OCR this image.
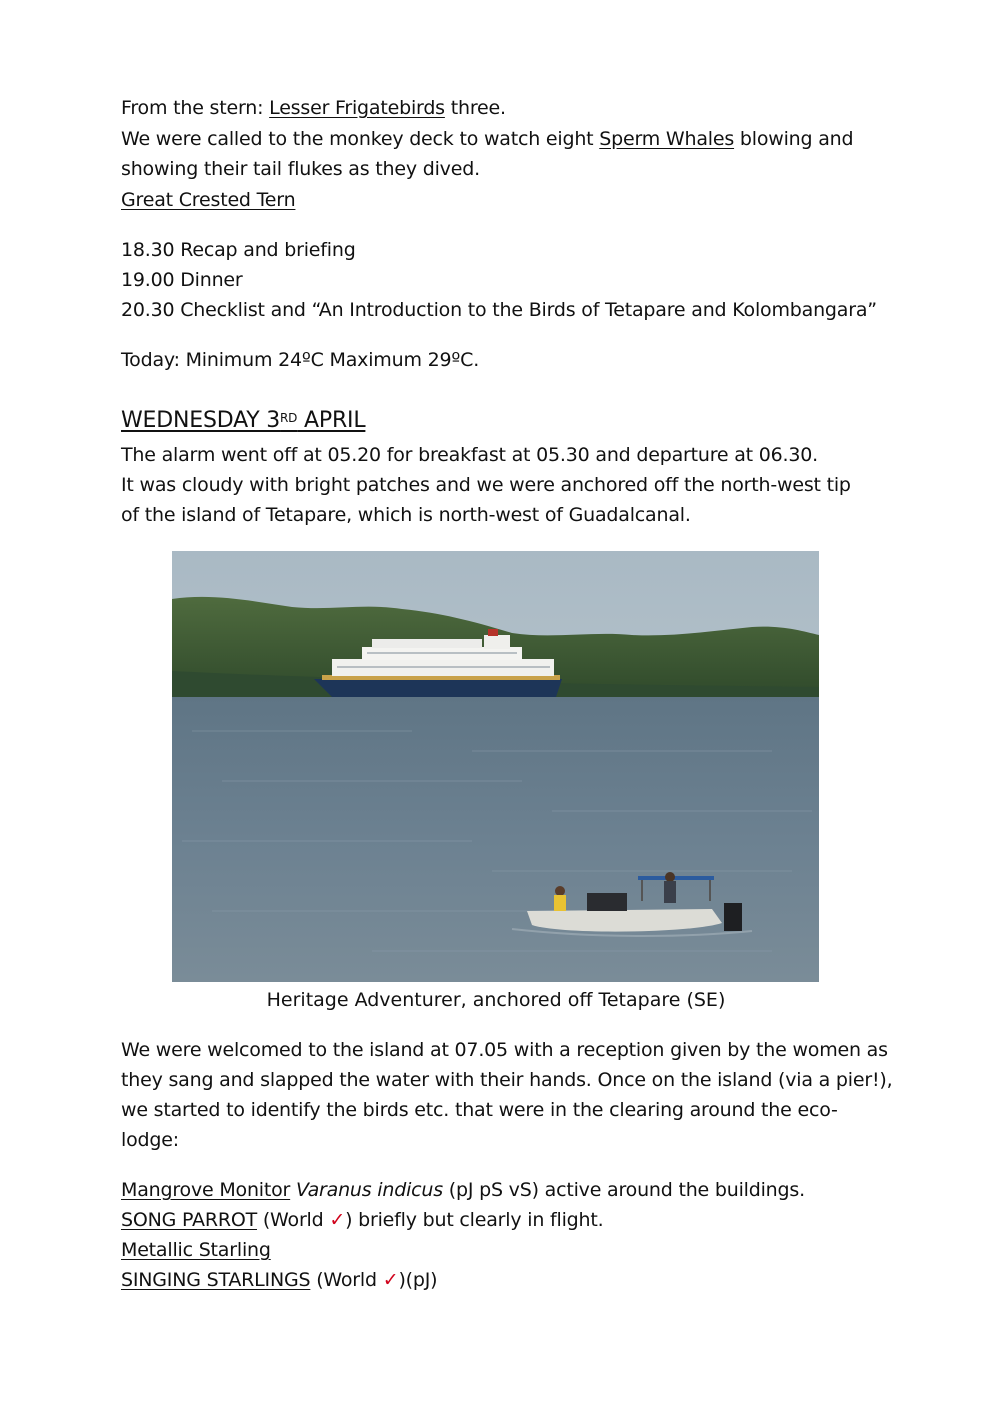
From the stern: Lesser Frigatebirds three.
We were called to the monkey deck to watch eight Sperm Whales blowing and
showing their tail flukes as they dived.
Great Crested Tern
18.30 Recap and briefing
19.00 Dinner
20.30 Checklist and “An Introduction to the Birds of Tetapare and Kolombangara”
Today: Minimum 24ºC Maximum 29ºC.
WEDNESDAY 3RD APRIL
The alarm went off at 05.20 for breakfast at 05.30 and departure at 06.30.
It was cloudy with bright patches and we were anchored off the north-west tip
of the island of Tetapare, which is north-west of Guadalcanal.
Heritage Adventurer, anchored off Tetapare (SE)
We were welcomed to the island at 07.05 with a reception given by the women as
they sang and slapped the water with their hands. Once on the island (via a pier!),
we started to identify the birds etc. that were in the clearing around the eco-
lodge:
Mangrove Monitor Varanus indicus (pJ pS vS) active around the buildings.
SONG PARROT (World ✓) briefly but clearly in flight.
Metallic Starling
SINGING STARLINGS (World ✓)(pJ)
